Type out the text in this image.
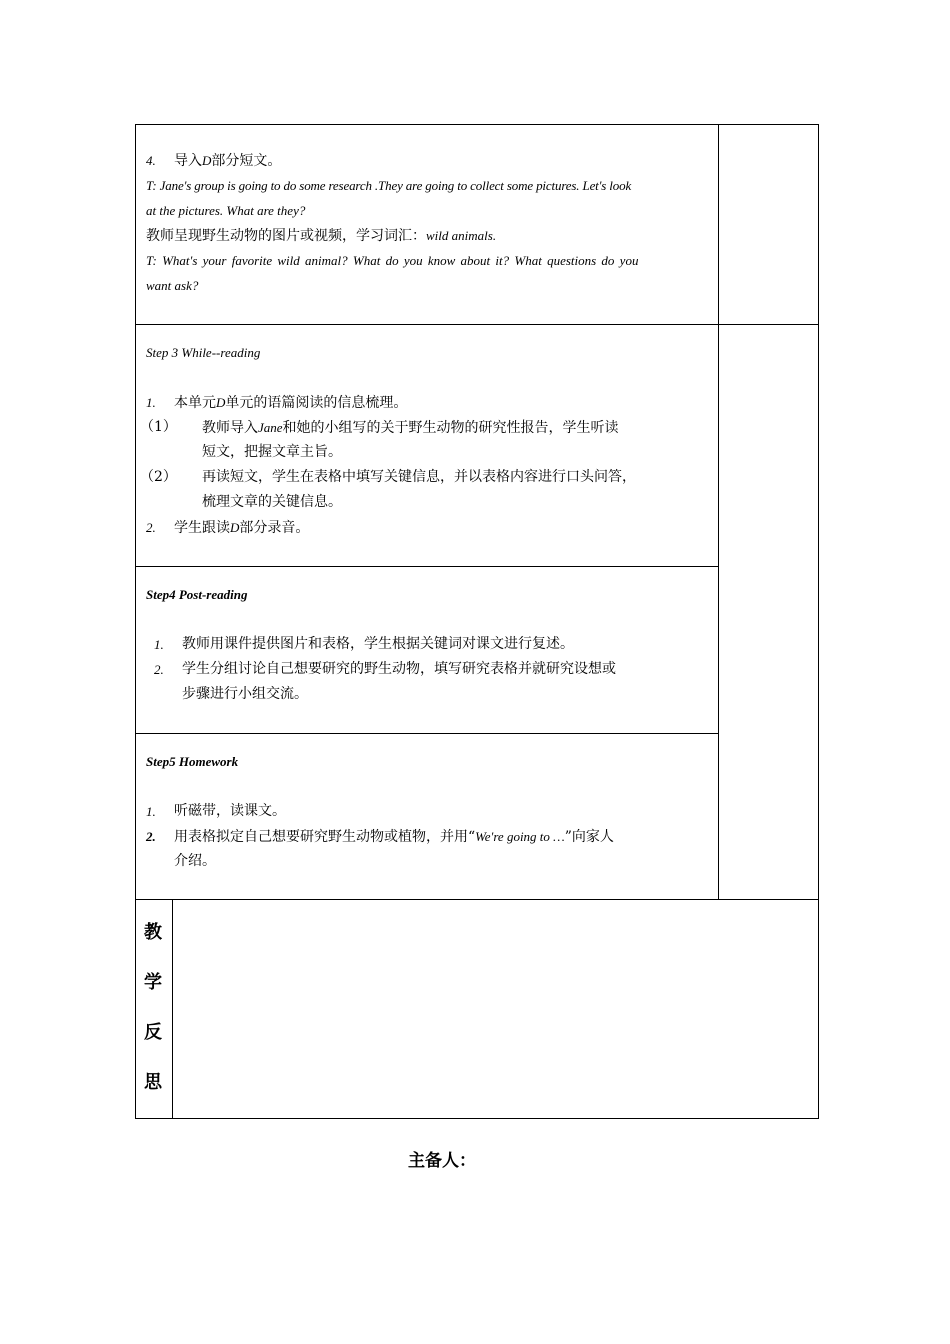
4. 导入D部分短文。
T: Jane's group is going to do some research .They are going to collect some pictures. Let's look
at the pictures. What are they?
教师呈现野生动物的图片或视频，学习词汇：wild animals.
T: What's your favorite wild animal? What do you know about it? What questions do you
want ask?
Step 3 While--reading
1. 本单元D单元的语篇阅读的信息梳理。
（1） 教师导入Jane和她的小组写的关于野生动物的研究性报告，学生听读
短文，把握文章主旨。
（2） 再读短文，学生在表格中填写关键信息，并以表格内容进行口头问答，
梳理文章的关键信息。
2. 学生跟读D部分录音。
Step4 Post-reading
1. 教师用课件提供图片和表格，学生根据关键词对课文进行复述。
2. 学生分组讨论自己想要研究的野生动物，填写研究表格并就研究设想或
步骤进行小组交流。
Step5 Homework
1. 听磁带，读课文。
2. 用表格拟定自己想要研究野生动物或植物，并用“We're going to …”向家人
介绍。
教
学
反
思
主备人：
